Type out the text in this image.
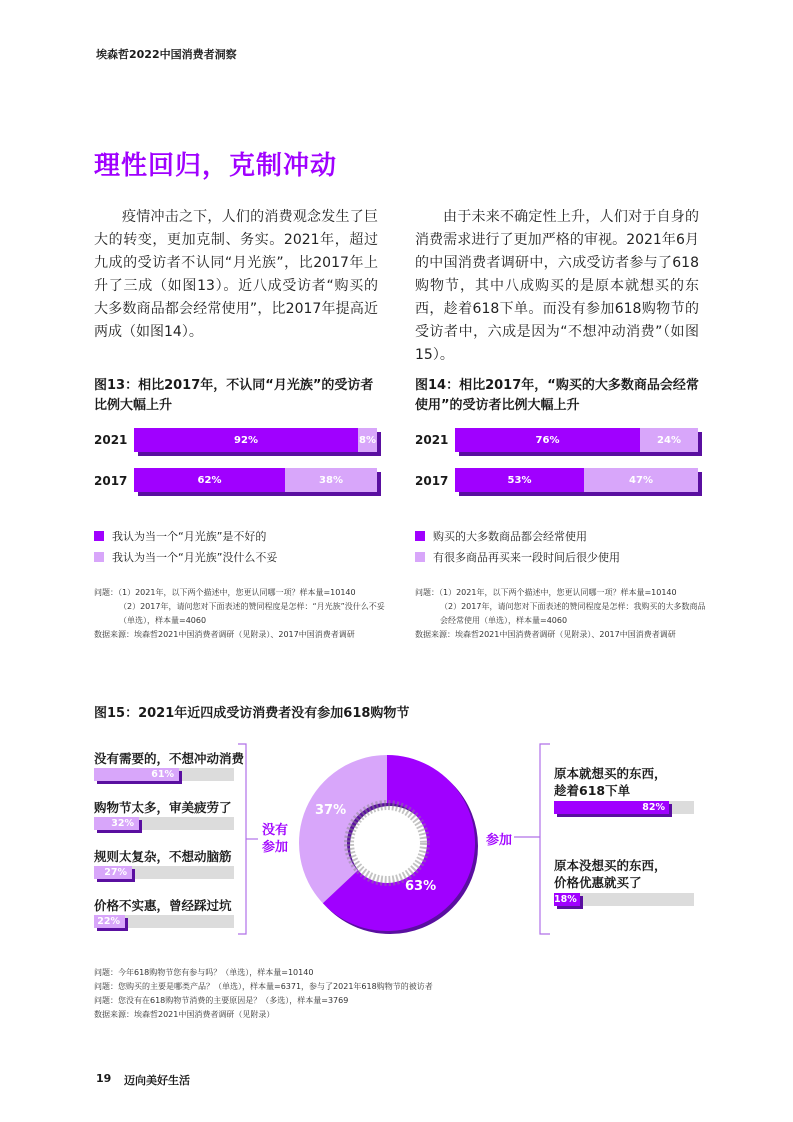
埃森哲2022中国消费者洞察
理性回归，克制冲动
疫情冲击之下，人们的消费观念发生了巨大的转变，更加克制、务实。2021年，超过九成的受访者不认同“月光族”，比2017年上升了三成（如图13）。近八成受访者“购买的大多数商品都会经常使用”，比2017年提高近两成（如图14）。
由于未来不确定性上升，人们对于自身的消费需求进行了更加严格的审视。2021年6月的中国消费者调研中，六成受访者参与了618购物节，其中八成购买的是原本就想买的东西，趁着618下单。而没有参加618购物节的受访者中，六成是因为“不想冲动消费”（如图15）。
图13：相比2017年，不认同“月光族”的受访者
比例大幅上升
2021
2017
92%	8%
62%	38%
我认为当一个“月光族”是不好的
我认为当一个“月光族”没什么不妥
问题：（1）2021年，以下两个描述中，您更认同哪一项？样本量=10140
（2）2017年，请问您对下面表述的赞同程度是怎样：“月光族”没什么不妥
（单选），样本量=4060
数据来源：埃森哲2021中国消费者调研（见附录）、2017中国消费者调研
图14：相比2017年，“购买的大多数商品会经常
使用”的受访者比例大幅上升
2021
2017
76%	24%
53%	47%
购买的大多数商品都会经常使用
有很多商品再买来一段时间后很少使用
问题：（1）2021年，以下两个描述中，您更认同哪一项？样本量=10140
（2）2017年，请问您对下面表述的赞同程度是怎样：我购买的大多数商品
会经常使用（单选），样本量=4060
数据来源：埃森哲2021中国消费者调研（见附录）、2017中国消费者调研
图15：2021年近四成受访消费者没有参加618购物节
没有需要的，不想冲动消费
61%
购物节太多，审美疲劳了
32%
规则太复杂，不想动脑筋
27%
价格不实惠，曾经踩过坑
22%
没有
参加
37%
63%
参加
原本就想买的东西，
趁着618下单
82%
原本没想买的东西，
价格优惠就买了
18%
问题：今年618购物节您有参与吗？（单选），样本量=10140
问题：您购买的主要是哪类产品？（单选），样本量=6371，参与了2021年618购物节的被访者
问题：您没有在618购物节消费的主要原因是？（多选），样本量=3769
数据来源：埃森哲2021中国消费者调研（见附录）
19 迈向美好生活
